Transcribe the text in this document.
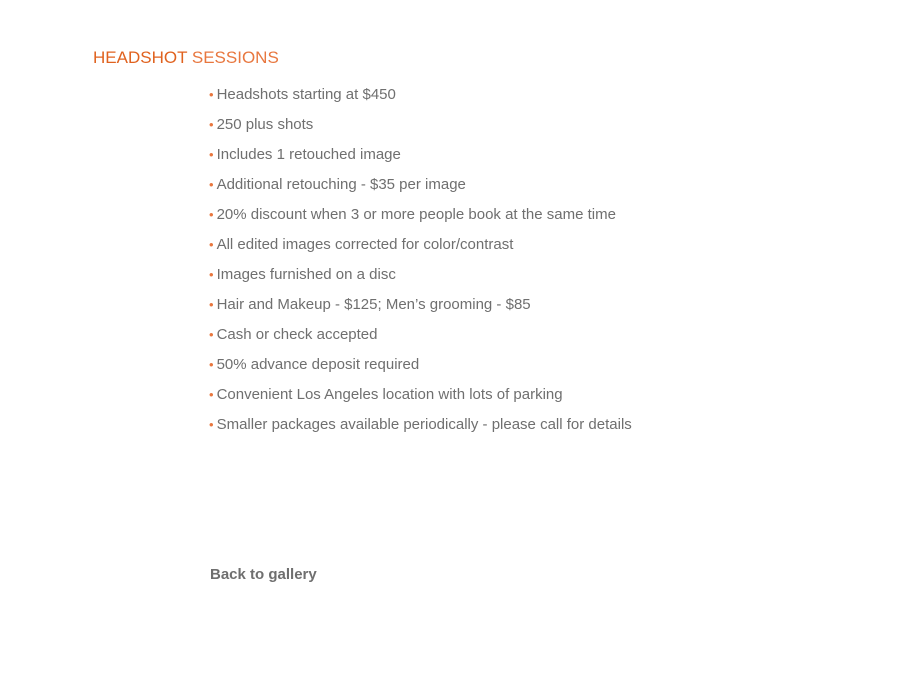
HEADSHOT SESSIONS
• Headshots starting at $450
• 250 plus shots
• Includes 1 retouched image
• Additional retouching - $35 per image
• 20% discount when 3 or more people book at the same time
• All edited images corrected for color/contrast
• Images furnished on a disc
• Hair and Makeup - $125; Men’s grooming - $85
• Cash or check accepted
• 50% advance deposit required
• Convenient Los Angeles location with lots of parking
• Smaller packages available periodically - please call for details
Back to gallery
